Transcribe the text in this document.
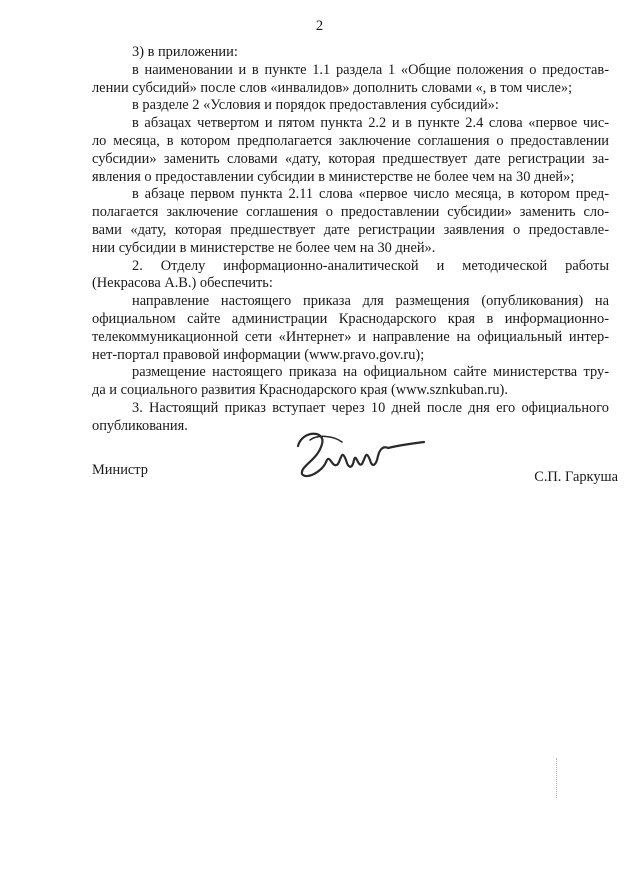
2
3) в приложении:
в наименовании и в пункте 1.1 раздела 1 «Общие положения о предостав-
лении субсидий» после слов «инвалидов» дополнить словами «, в том числе»;
в разделе 2 «Условия и порядок предоставления субсидий»:
в абзацах четвертом и пятом пункта 2.2 и в пункте 2.4 слова «первое чис-
ло месяца, в котором предполагается заключение соглашения о предоставлении
субсидии» заменить словами «дату, которая предшествует дате регистрации за-
явления о предоставлении субсидии в министерстве не более чем на 30 дней»;
в абзаце первом пункта 2.11 слова «первое число месяца, в котором пред-
полагается заключение соглашения о предоставлении субсидии» заменить сло-
вами «дату, которая предшествует дате регистрации заявления о предоставле-
нии субсидии в министерстве не более чем на 30 дней».
2. Отделу информационно-аналитической и методической работы
(Некрасова А.В.) обеспечить:
направление настоящего приказа для размещения (опубликования) на
официальном сайте администрации Краснодарского края в информационно-
телекоммуникационной сети «Интернет» и направление на официальный интер-
нет-портал правовой информации (www.pravo.gov.ru);
размещение настоящего приказа на официальном сайте министерства тру-
да и социального развития Краснодарского края (www.sznkuban.ru).
3. Настоящий приказ вступает через 10 дней после дня его официального
опубликования.
Министр	С.П. Гаркуша
